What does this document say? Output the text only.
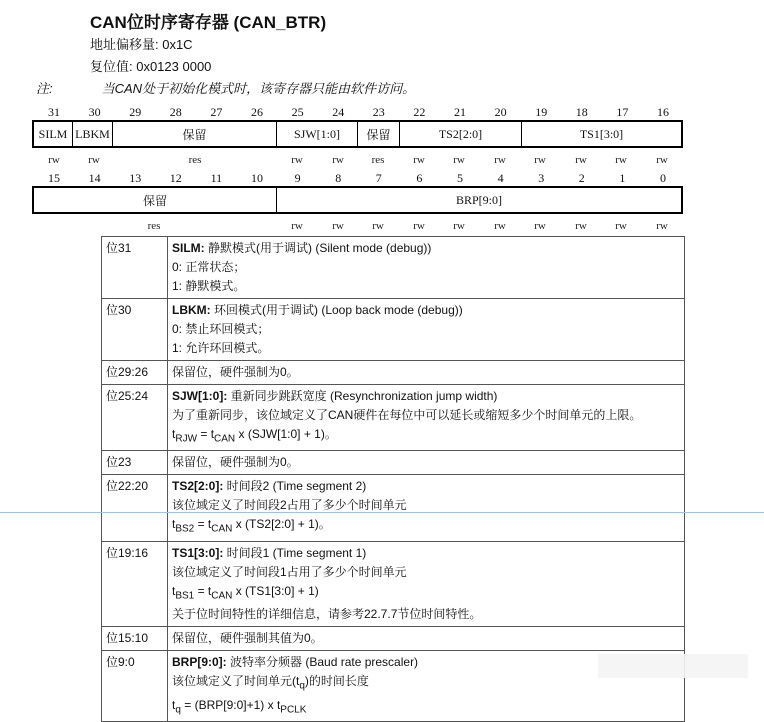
CAN位时序寄存器 (CAN_BTR)
地址偏移量: 0x1C
复位值: 0x0123 0000
注:	当CAN处于初始化模式时，该寄存器只能由软件访问。
31	30	29	28	27	26	25	24	23	22	21	20	19	18	17	16
SILM LBKM	保留	SJW[1:0]	保留	TS2[2:0]	TS1[3:0]
rw	rw	res	rw	rw	res	rw	rw	rw	rw	rw	rw	rw
15	14	13	12	11	10	9	8	7	6	5	4	3	2	1	0
保留	BRP[9:0]
res	rw	rw	rw	rw	rw	rw	rw	rw	rw	rw
位31	SILM: 静默模式(用于调试) (Silent mode (debug))
0: 正常状态；
1: 静默模式。

位30	LBKM: 环回模式(用于调试) (Loop back mode (debug))
0: 禁止环回模式；
1: 允许环回模式。

位29:26	保留位，硬件强制为0。

位25:24	SJW[1:0]: 重新同步跳跃宽度 (Resynchronization jump width)
为了重新同步，该位域定义了CAN硬件在每位中可以延长或缩短多少个时间单元的上限。
$t_{RJW} = t_{CAN}$ x (SJW[1:0] + 1)。

位23	保留位，硬件强制为0。

位22:20	TS2[2:0]: 时间段2 (Time segment 2)
该位域定义了时间段2占用了多少个时间单元
$t_{BS2} = t_{CAN}$ x (TS2[2:0] + 1)。

位19:16	TS1[3:0]: 时间段1 (Time segment 1)
该位域定义了时间段1占用了多少个时间单元
$t_{BS1} = t_{CAN}$ x (TS1[3:0] + 1)
关于位时间特性的详细信息，请参考22.7.7节位时间特性。

位15:10	保留位，硬件强制其值为0。

位9:0	BRP[9:0]: 波特率分频器 (Baud rate prescaler)
该位域定义了时间单元$(t_q)$的时间长度
$t_q$ = (BRP[9:0]+1) x $t_{PCLK}$
